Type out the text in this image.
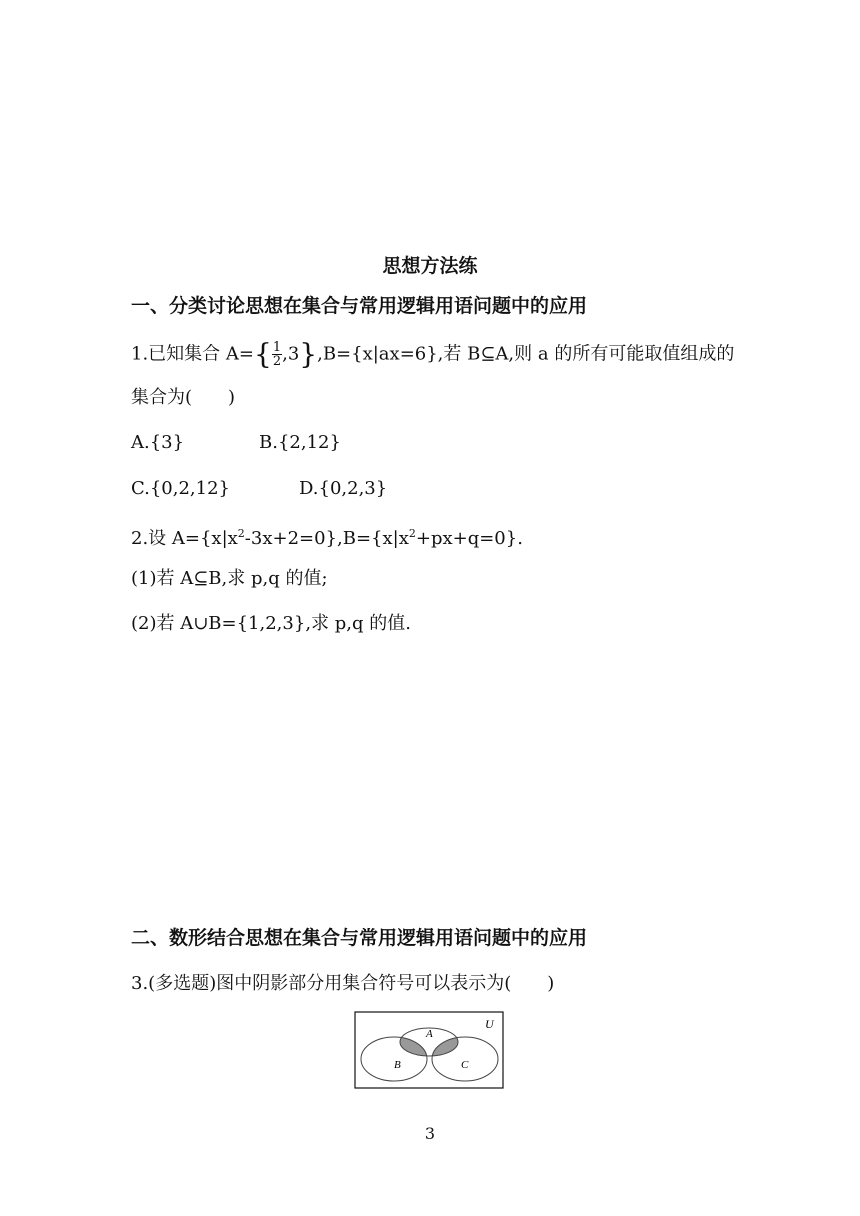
思想方法练
一、分类讨论思想在集合与常用逻辑用语问题中的应用
1.已知集合 $A=\{ \frac{1}{2} ,3\},B=\{x|ax=6\}$,若 B⊆A,则 a 的所有可能取值组成的
集合为(　　)
A.{3}	B.{2,12}
C.{0,2,12}	D.{0,2,3}
2.设 $A=\{x|x^2-3x+2=0\},B=\{x|x^2+px+q=0\}$.
(1)若 A⊆B,求 p,q 的值;
(2)若 A∪B={1,2,3},求 p,q 的值.
二、数形结合思想在集合与常用逻辑用语问题中的应用
3.(多选题)图中阴影部分用集合符号可以表示为(　　)
U
A
B	C
3
